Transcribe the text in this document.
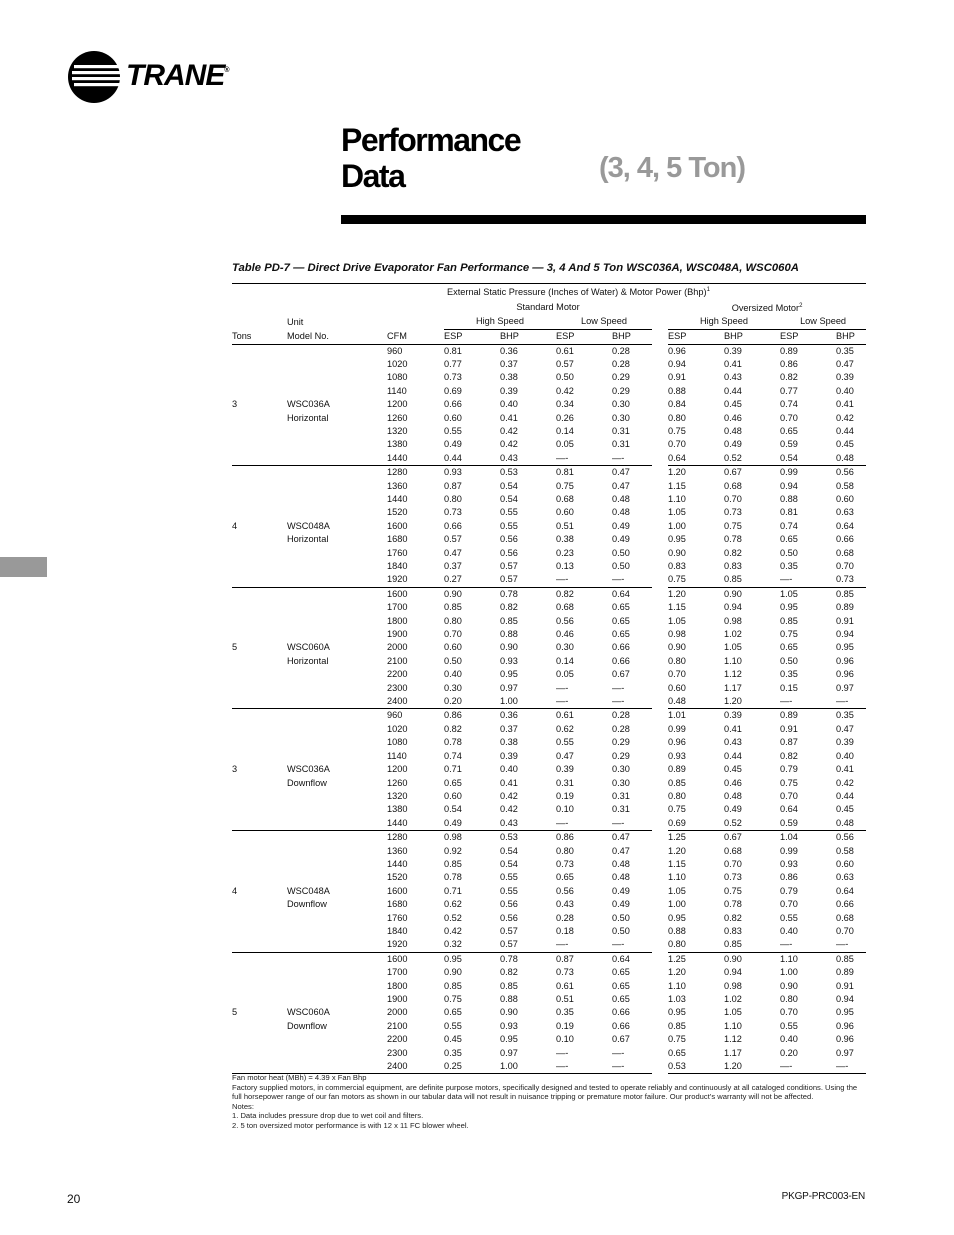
TRANE®
Performance
Data	(3, 4, 5 Ton)
Table PD-7 — Direct Drive Evaporator Fan Performance — 3, 4 And 5 Ton WSC036A, WSC048A, WSC060A
			External Static Pressure (Inches of Water) & Motor Power (Bhp)$^1$
			Standard Motor					Oversized Motor$^2$
	Unit		High Speed		Low Speed			High Speed		Low Speed	
Tons	Model No.	CFM	ESP	BHP	ESP	BHP		ESP	BHP	ESP	BHP
		960	0.81	0.36	0.61	0.28		0.96	0.39	0.89	0.35
		1020	0.77	0.37	0.57	0.28		0.94	0.41	0.86	0.47
		1080	0.73	0.38	0.50	0.29		0.91	0.43	0.82	0.39
		1140	0.69	0.39	0.42	0.29		0.88	0.44	0.77	0.40
3	WSC036A	1200	0.66	0.40	0.34	0.30		0.84	0.45	0.74	0.41
	Horizontal	1260	0.60	0.41	0.26	0.30		0.80	0.46	0.70	0.42
		1320	0.55	0.42	0.14	0.31		0.75	0.48	0.65	0.44
		1380	0.49	0.42	0.05	0.31		0.70	0.49	0.59	0.45
		1440	0.44	0.43	—-	—-		0.64	0.52	0.54	0.48
		1280	0.93	0.53	0.81	0.47		1.20	0.67	0.99	0.56
		1360	0.87	0.54	0.75	0.47		1.15	0.68	0.94	0.58
		1440	0.80	0.54	0.68	0.48		1.10	0.70	0.88	0.60
		1520	0.73	0.55	0.60	0.48		1.05	0.73	0.81	0.63
4	WSC048A	1600	0.66	0.55	0.51	0.49		1.00	0.75	0.74	0.64
	Horizontal	1680	0.57	0.56	0.38	0.49		0.95	0.78	0.65	0.66
		1760	0.47	0.56	0.23	0.50		0.90	0.82	0.50	0.68
		1840	0.37	0.57	0.13	0.50		0.83	0.83	0.35	0.70
		1920	0.27	0.57	—-	—-		0.75	0.85	—-	0.73
		1600	0.90	0.78	0.82	0.64		1.20	0.90	1.05	0.85
		1700	0.85	0.82	0.68	0.65		1.15	0.94	0.95	0.89
		1800	0.80	0.85	0.56	0.65		1.05	0.98	0.85	0.91
		1900	0.70	0.88	0.46	0.65		0.98	1.02	0.75	0.94
5	WSC060A	2000	0.60	0.90	0.30	0.66		0.90	1.05	0.65	0.95
	Horizontal	2100	0.50	0.93	0.14	0.66		0.80	1.10	0.50	0.96
		2200	0.40	0.95	0.05	0.67		0.70	1.12	0.35	0.96
		2300	0.30	0.97	—-	—-		0.60	1.17	0.15	0.97
		2400	0.20	1.00	—-	—-		0.48	1.20	—-	—-
		960	0.86	0.36	0.61	0.28		1.01	0.39	0.89	0.35
		1020	0.82	0.37	0.62	0.28		0.99	0.41	0.91	0.47
		1080	0.78	0.38	0.55	0.29		0.96	0.43	0.87	0.39
		1140	0.74	0.39	0.47	0.29		0.93	0.44	0.82	0.40
3	WSC036A	1200	0.71	0.40	0.39	0.30		0.89	0.45	0.79	0.41
	Downflow	1260	0.65	0.41	0.31	0.30		0.85	0.46	0.75	0.42
		1320	0.60	0.42	0.19	0.31		0.80	0.48	0.70	0.44
		1380	0.54	0.42	0.10	0.31		0.75	0.49	0.64	0.45
		1440	0.49	0.43	—-	—-		0.69	0.52	0.59	0.48
		1280	0.98	0.53	0.86	0.47		1.25	0.67	1.04	0.56
		1360	0.92	0.54	0.80	0.47		1.20	0.68	0.99	0.58
		1440	0.85	0.54	0.73	0.48		1.15	0.70	0.93	0.60
		1520	0.78	0.55	0.65	0.48		1.10	0.73	0.86	0.63
4	WSC048A	1600	0.71	0.55	0.56	0.49		1.05	0.75	0.79	0.64
	Downflow	1680	0.62	0.56	0.43	0.49		1.00	0.78	0.70	0.66
		1760	0.52	0.56	0.28	0.50		0.95	0.82	0.55	0.68
		1840	0.42	0.57	0.18	0.50		0.88	0.83	0.40	0.70
		1920	0.32	0.57	—-	—-		0.80	0.85	—-	—-
		1600	0.95	0.78	0.87	0.64		1.25	0.90	1.10	0.85
		1700	0.90	0.82	0.73	0.65		1.20	0.94	1.00	0.89
		1800	0.85	0.85	0.61	0.65		1.10	0.98	0.90	0.91
		1900	0.75	0.88	0.51	0.65		1.03	1.02	0.80	0.94
5	WSC060A	2000	0.65	0.90	0.35	0.66		0.95	1.05	0.70	0.95
	Downflow	2100	0.55	0.93	0.19	0.66		0.85	1.10	0.55	0.96
		2200	0.45	0.95	0.10	0.67		0.75	1.12	0.40	0.96
		2300	0.35	0.97	—-	—-		0.65	1.17	0.20	0.97
		2400	0.25	1.00	—-	—-		0.53	1.20	—-	—-

Fan motor heat (MBh) = 4.39 x Fan Bhp

Factory supplied motors, in commercial equipment, are definite purpose motors, specifically designed and tested to operate reliably and continuously at all cataloged conditions. Using the full horsepower range of our fan motors as shown in our tabular data will not result in nuisance tripping or premature motor failure. Our product’s warranty will not be affected.

Notes:

1. Data includes pressure drop due to wet coil and filters.

2. 5 ton oversized motor performance is with 12 x 11 FC blower wheel.

20	PKGP-PRC003-EN
